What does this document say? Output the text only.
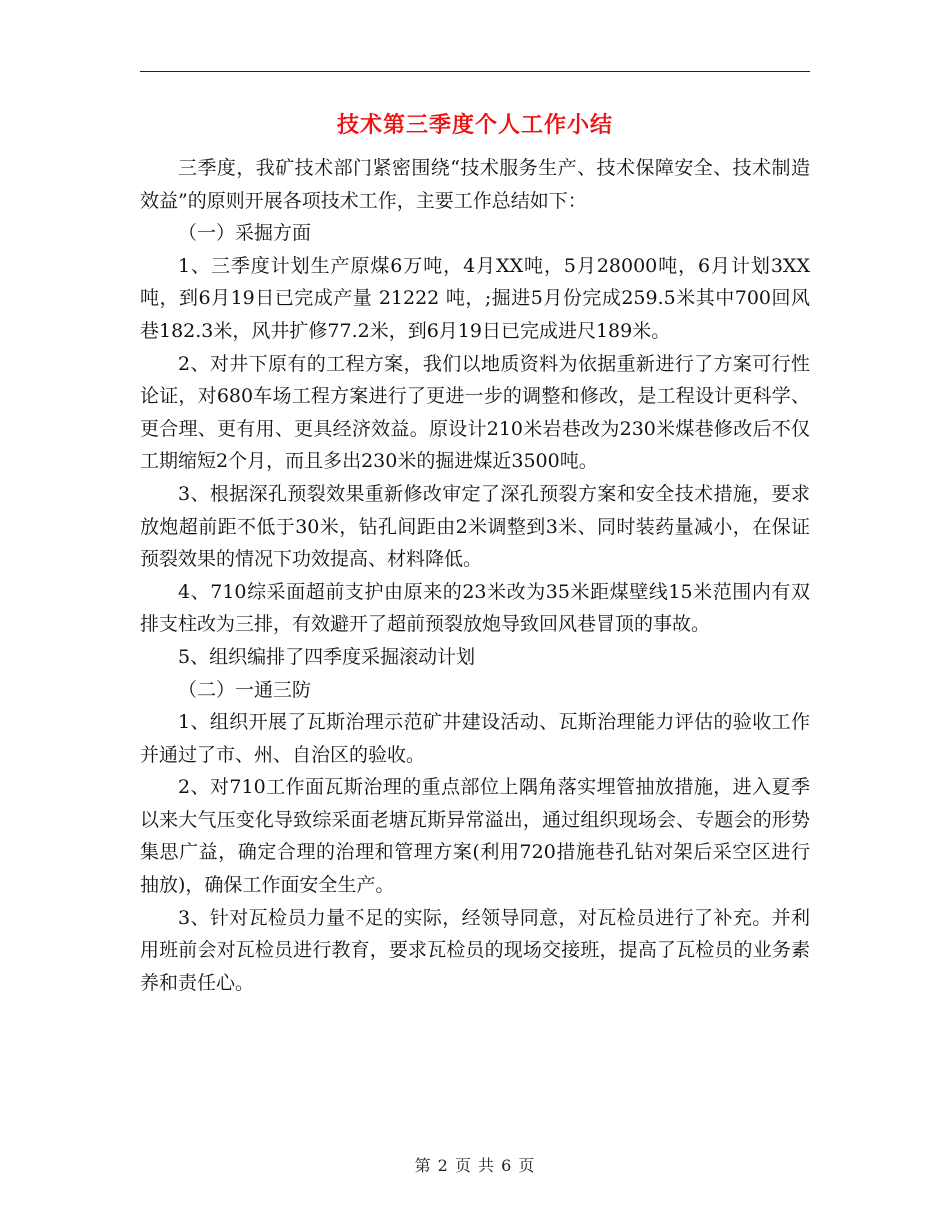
技术第三季度个人工作小结

三季度，我矿技术部门紧密围绕“技术服务生产、技术保障安全、技术制造效益”的原则开展各项技术工作，主要工作总结如下：

（一）采掘方面

1、三季度计划生产原煤6万吨，4月XX吨，5月28000吨，6月计划3XX吨，到6月19日已完成产量 21222 吨，;掘进5月份完成259.5米其中700回风巷182.3米，风井扩修77.2米，到6月19日已完成进尺189米。

2、对井下原有的工程方案，我们以地质资料为依据重新进行了方案可行性论证，对680车场工程方案进行了更进一步的调整和修改，是工程设计更科学、更合理、更有用、更具经济效益。原设计210米岩巷改为230米煤巷修改后不仅工期缩短2个月，而且多出230米的掘进煤近3500吨。

3、根据深孔预裂效果重新修改审定了深孔预裂方案和安全技术措施，要求放炮超前距不低于30米，钻孔间距由2米调整到3米、同时装药量减小，在保证预裂效果的情况下功效提高、材料降低。

4、710综采面超前支护由原来的23米改为35米距煤壁线15米范围内有双排支柱改为三排，有效避开了超前预裂放炮导致回风巷冒顶的事故。

5、组织编排了四季度采掘滚动计划

（二）一通三防

1、组织开展了瓦斯治理示范矿井建设活动、瓦斯治理能力评估的验收工作并通过了市、州、自治区的验收。

2、对710工作面瓦斯治理的重点部位上隅角落实埋管抽放措施，进入夏季以来大气压变化导致综采面老塘瓦斯异常溢出，通过组织现场会、专题会的形势集思广益，确定合理的治理和管理方案(利用720措施巷孔钻对架后采空区进行抽放)，确保工作面安全生产。

3、针对瓦检员力量不足的实际，经领导同意，对瓦检员进行了补充。并利用班前会对瓦检员进行教育，要求瓦检员的现场交接班，提高了瓦检员的业务素养和责任心。

第 2 页 共 6 页
